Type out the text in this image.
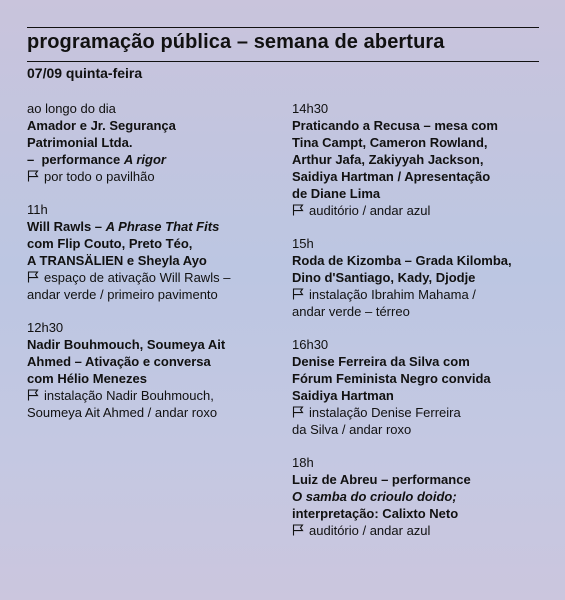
programação pública – semana de abertura
07/09 quinta-feira
ao longo do dia
Amador e Jr. Segurança
Patrimonial Ltda.
–  performance A rigor
por todo o pavilhão
11h
Will Rawls – A Phrase That Fits
com Flip Couto, Preto Téo,
A TRANSÄLIEN e Sheyla Ayo
espaço de ativação Will Rawls –
andar verde / primeiro pavimento
12h30
Nadir Bouhmouch, Soumeya Ait
Ahmed – Ativação e conversa
com Hélio Menezes
instalação Nadir Bouhmouch,
Soumeya Ait Ahmed / andar roxo
14h30
Praticando a Recusa – mesa com
Tina Campt, Cameron Rowland,
Arthur Jafa, Zakiyyah Jackson,
Saidiya Hartman / Apresentação
de Diane Lima
auditório / andar azul
15h
Roda de Kizomba – Grada Kilomba,
Dino d'Santiago, Kady, Djodje
instalação Ibrahim Mahama /
andar verde – térreo
16h30
Denise Ferreira da Silva com
Fórum Feminista Negro convida
Saidiya Hartman
instalação Denise Ferreira
da Silva / andar roxo
18h
Luiz de Abreu – performance
O samba do crioulo doido;
interpretação: Calixto Neto
auditório / andar azul
